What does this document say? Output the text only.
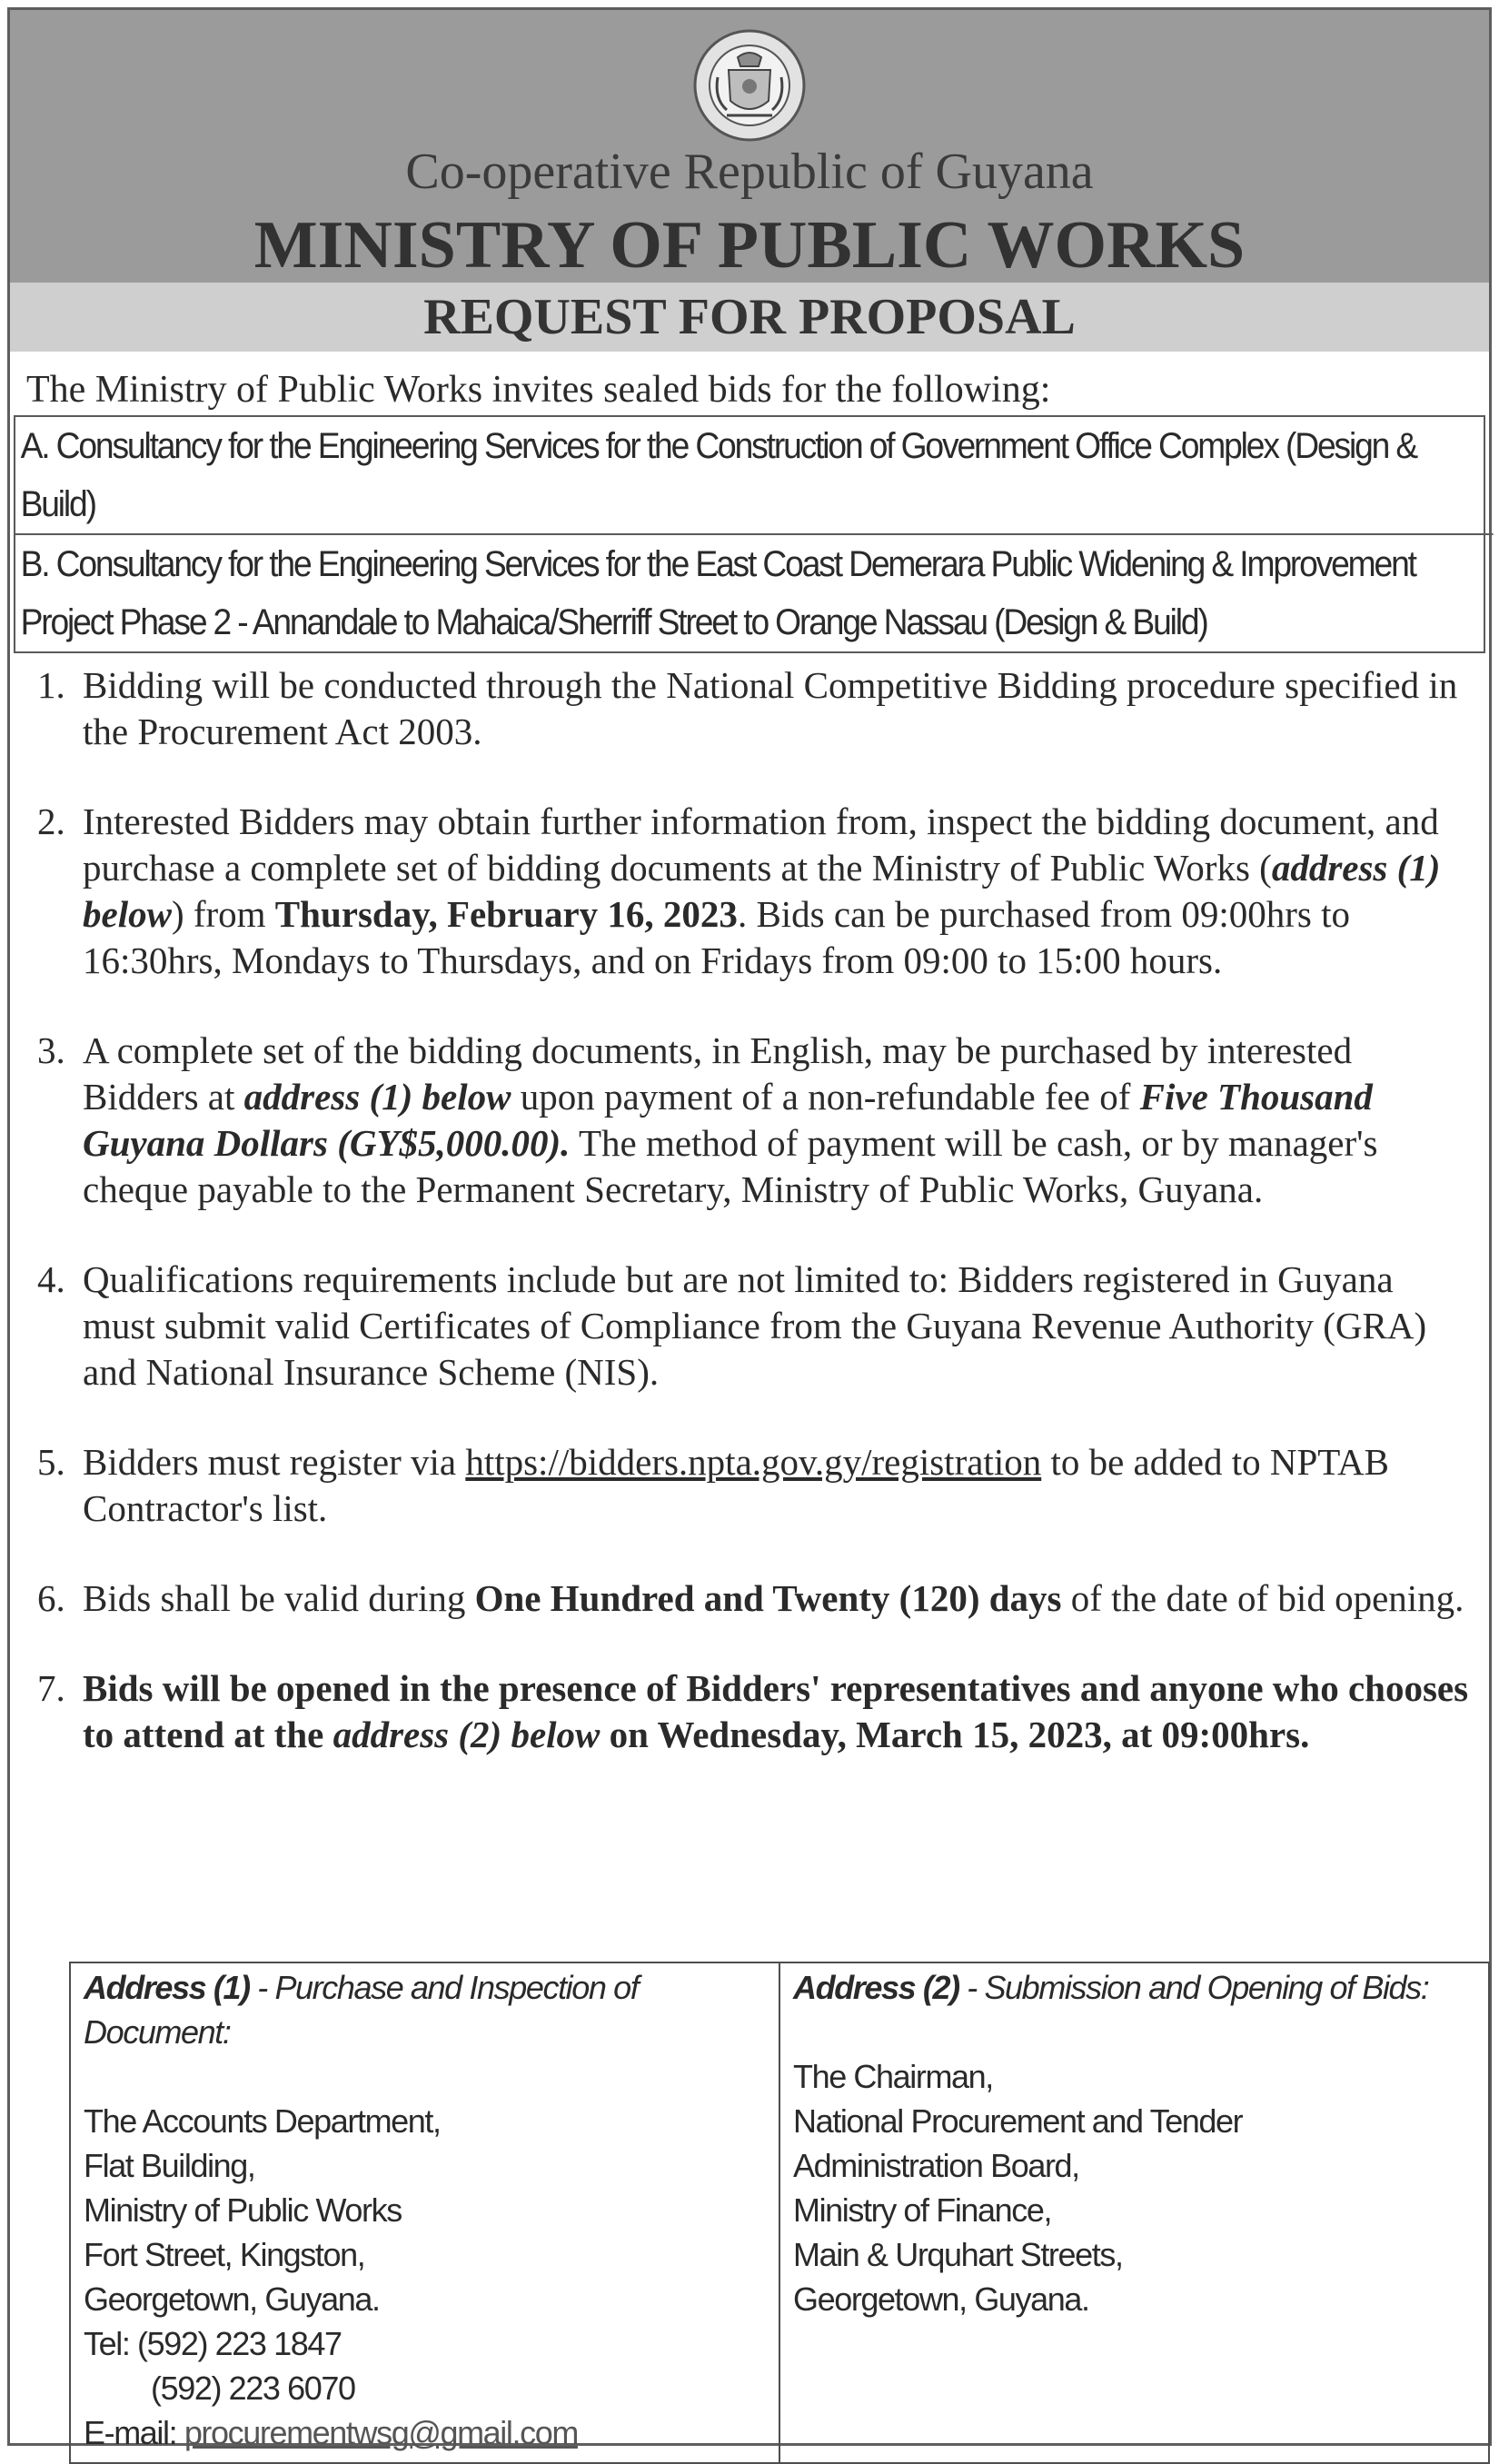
Co-operative Republic of Guyana
MINISTRY OF PUBLIC WORKS
REQUEST FOR PROPOSAL
The Ministry of Public Works invites sealed bids for the following:
A. Consultancy for the Engineering Services for the Construction of Government Office Complex (Design & Build)
B. Consultancy for the Engineering Services for the East Coast Demerara Public Widening & Improvement Project Phase 2 - Annandale to Mahaica/Sherriff Street to Orange Nassau (Design & Build)
1. Bidding will be conducted through the National Competitive Bidding procedure specified in the Procurement Act 2003.
2. Interested Bidders may obtain further information from, inspect the bidding document, and purchase a complete set of bidding documents at the Ministry of Public Works (address (1) below) from Thursday, February 16, 2023. Bids can be purchased from 09:00hrs to 16:30hrs, Mondays to Thursdays, and on Fridays from 09:00 to 15:00 hours.
3. A complete set of the bidding documents, in English, may be purchased by interested Bidders at address (1) below upon payment of a non-refundable fee of Five Thousand Guyana Dollars (GY$5,000.00). The method of payment will be cash, or by manager's cheque payable to the Permanent Secretary, Ministry of Public Works, Guyana.
4. Qualifications requirements include but are not limited to: Bidders registered in Guyana must submit valid Certificates of Compliance from the Guyana Revenue Authority (GRA) and National Insurance Scheme (NIS).
5. Bidders must register via https://bidders.npta.gov.gy/registration to be added to NPTAB Contractor's list.
6. Bids shall be valid during One Hundred and Twenty (120) days of the date of bid opening.
7. Bids will be opened in the presence of Bidders' representatives and anyone who chooses to attend at the address (2) below on Wednesday, March 15, 2023, at 09:00hrs.
Address (1) - Purchase and Inspection of Document:
The Accounts Department,
Flat Building,
Ministry of Public Works
Fort Street, Kingston,
Georgetown, Guyana.
Tel: (592) 223 1847
(592) 223 6070
E-mail: procurementwsg@gmail.com
Address (2) - Submission and Opening of Bids:
The Chairman,
National Procurement and Tender
Administration Board,
Ministry of Finance,
Main & Urquhart Streets,
Georgetown, Guyana.
